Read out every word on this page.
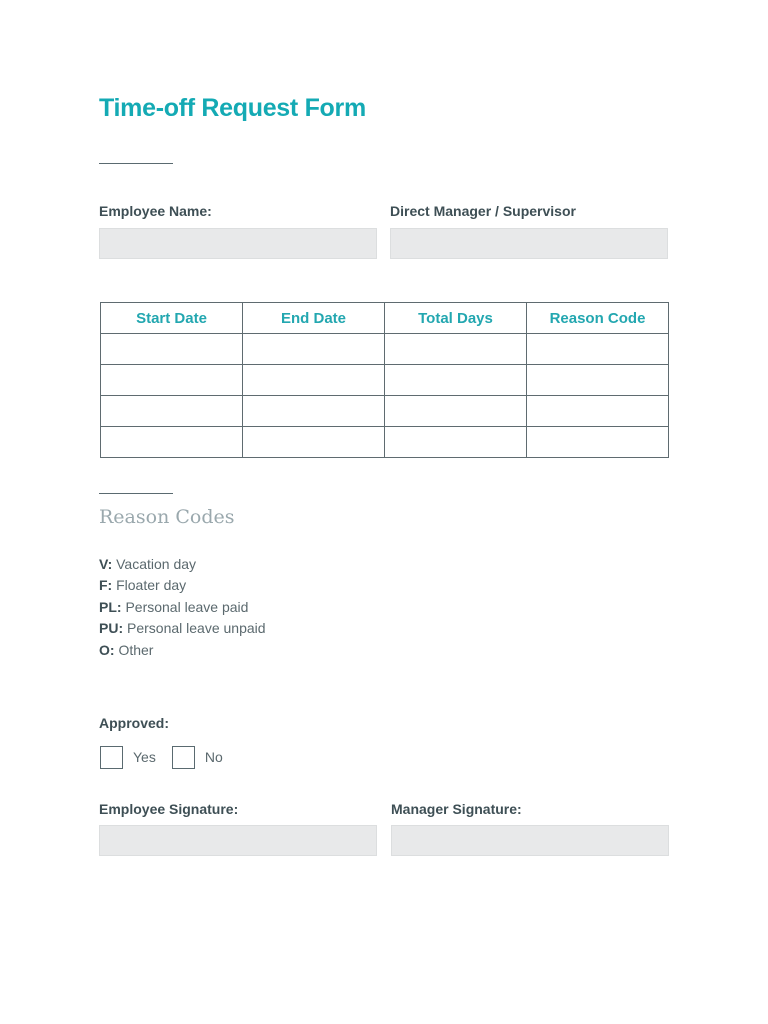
Time-off Request Form
Employee Name:	Direct Manager / Supervisor
Start Date	End Date	Total Days	Reason Code

Reason Codes
V: Vacation day
F: Floater day
PL: Personal leave paid
PU: Personal leave unpaid
O: Other
Approved:
Yes	No
Employee Signature:	Manager Signature:
